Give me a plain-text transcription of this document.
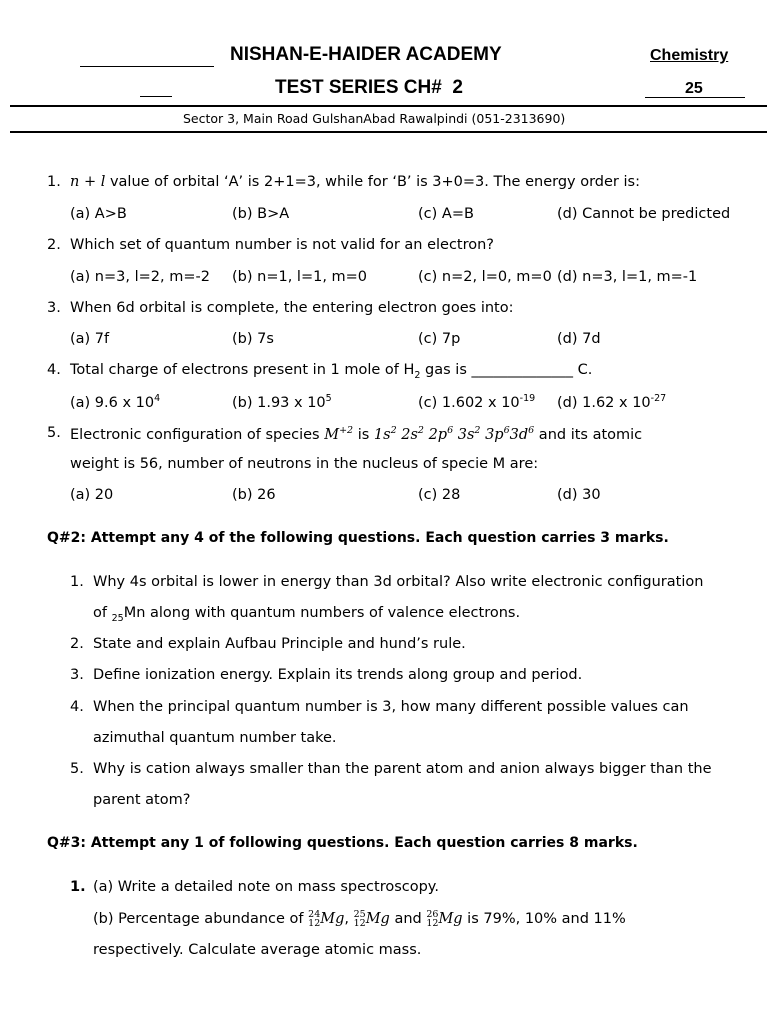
NISHAN-E-HAIDER ACADEMY	Chemistry
TEST SERIES CH#  2	25
Sector 3, Main Road GulshanAbad Rawalpindi (051-2313690)
1. n + l value of orbital ‘A’ is 2+1=3, while for ‘B’ is 3+0=3. The energy order is:
(a) A>B	(b) B>A	(c) A=B	(d) Cannot be predicted
2. Which set of quantum number is not valid for an electron?
(a) n=3, l=2, m=-2 (b) n=1, l=1, m=0	(c) n=2, l=0, m=0 (d) n=3, l=1, m=-1
3. When 6d orbital is complete, the entering electron goes into:
(a) 7f	(b) 7s	(c) 7p	(d) 7d
4. Total charge of electrons present in 1 mole of $H_2$ gas is ______________ C.
(a) 9.6 x $10^4$	(b) 1.93 x $10^5$	(c) 1.602 x $10^{-19}$ (d) 1.62 x $10^{-27}$
5. Electronic configuration of species $M^{+2}$ is $1s^2$ $2s^2$ $2p^6$ $3s^2$ $3p^63d^6$ and its atomic
weight is 56, number of neutrons in the nucleus of specie M are:
(a) 20	(b) 26	(c) 28	(d) 30
Q#2: Attempt any 4 of the following questions. Each question carries 3 marks.
1. Why 4s orbital is lower in energy than 3d orbital? Also write electronic configuration
of $_{25}$Mn along with quantum numbers of valence electrons.
2. State and explain Aufbau Principle and hund’s rule.
3. Define ionization energy. Explain its trends along group and period.
4. When the principal quantum number is 3, how many different possible values can
azimuthal quantum number take.
5. Why is cation always smaller than the parent atom and anion always bigger than the
parent atom?
Q#3: Attempt any 1 of following questions. Each question carries 8 marks.
1. (a) Write a detailed note on mass spectroscopy.
(b) Percentage abundance of 24
12Mg, 25
12Mg and 26
12Mg is 79%, 10% and 11%
respectively. Calculate average atomic mass.
